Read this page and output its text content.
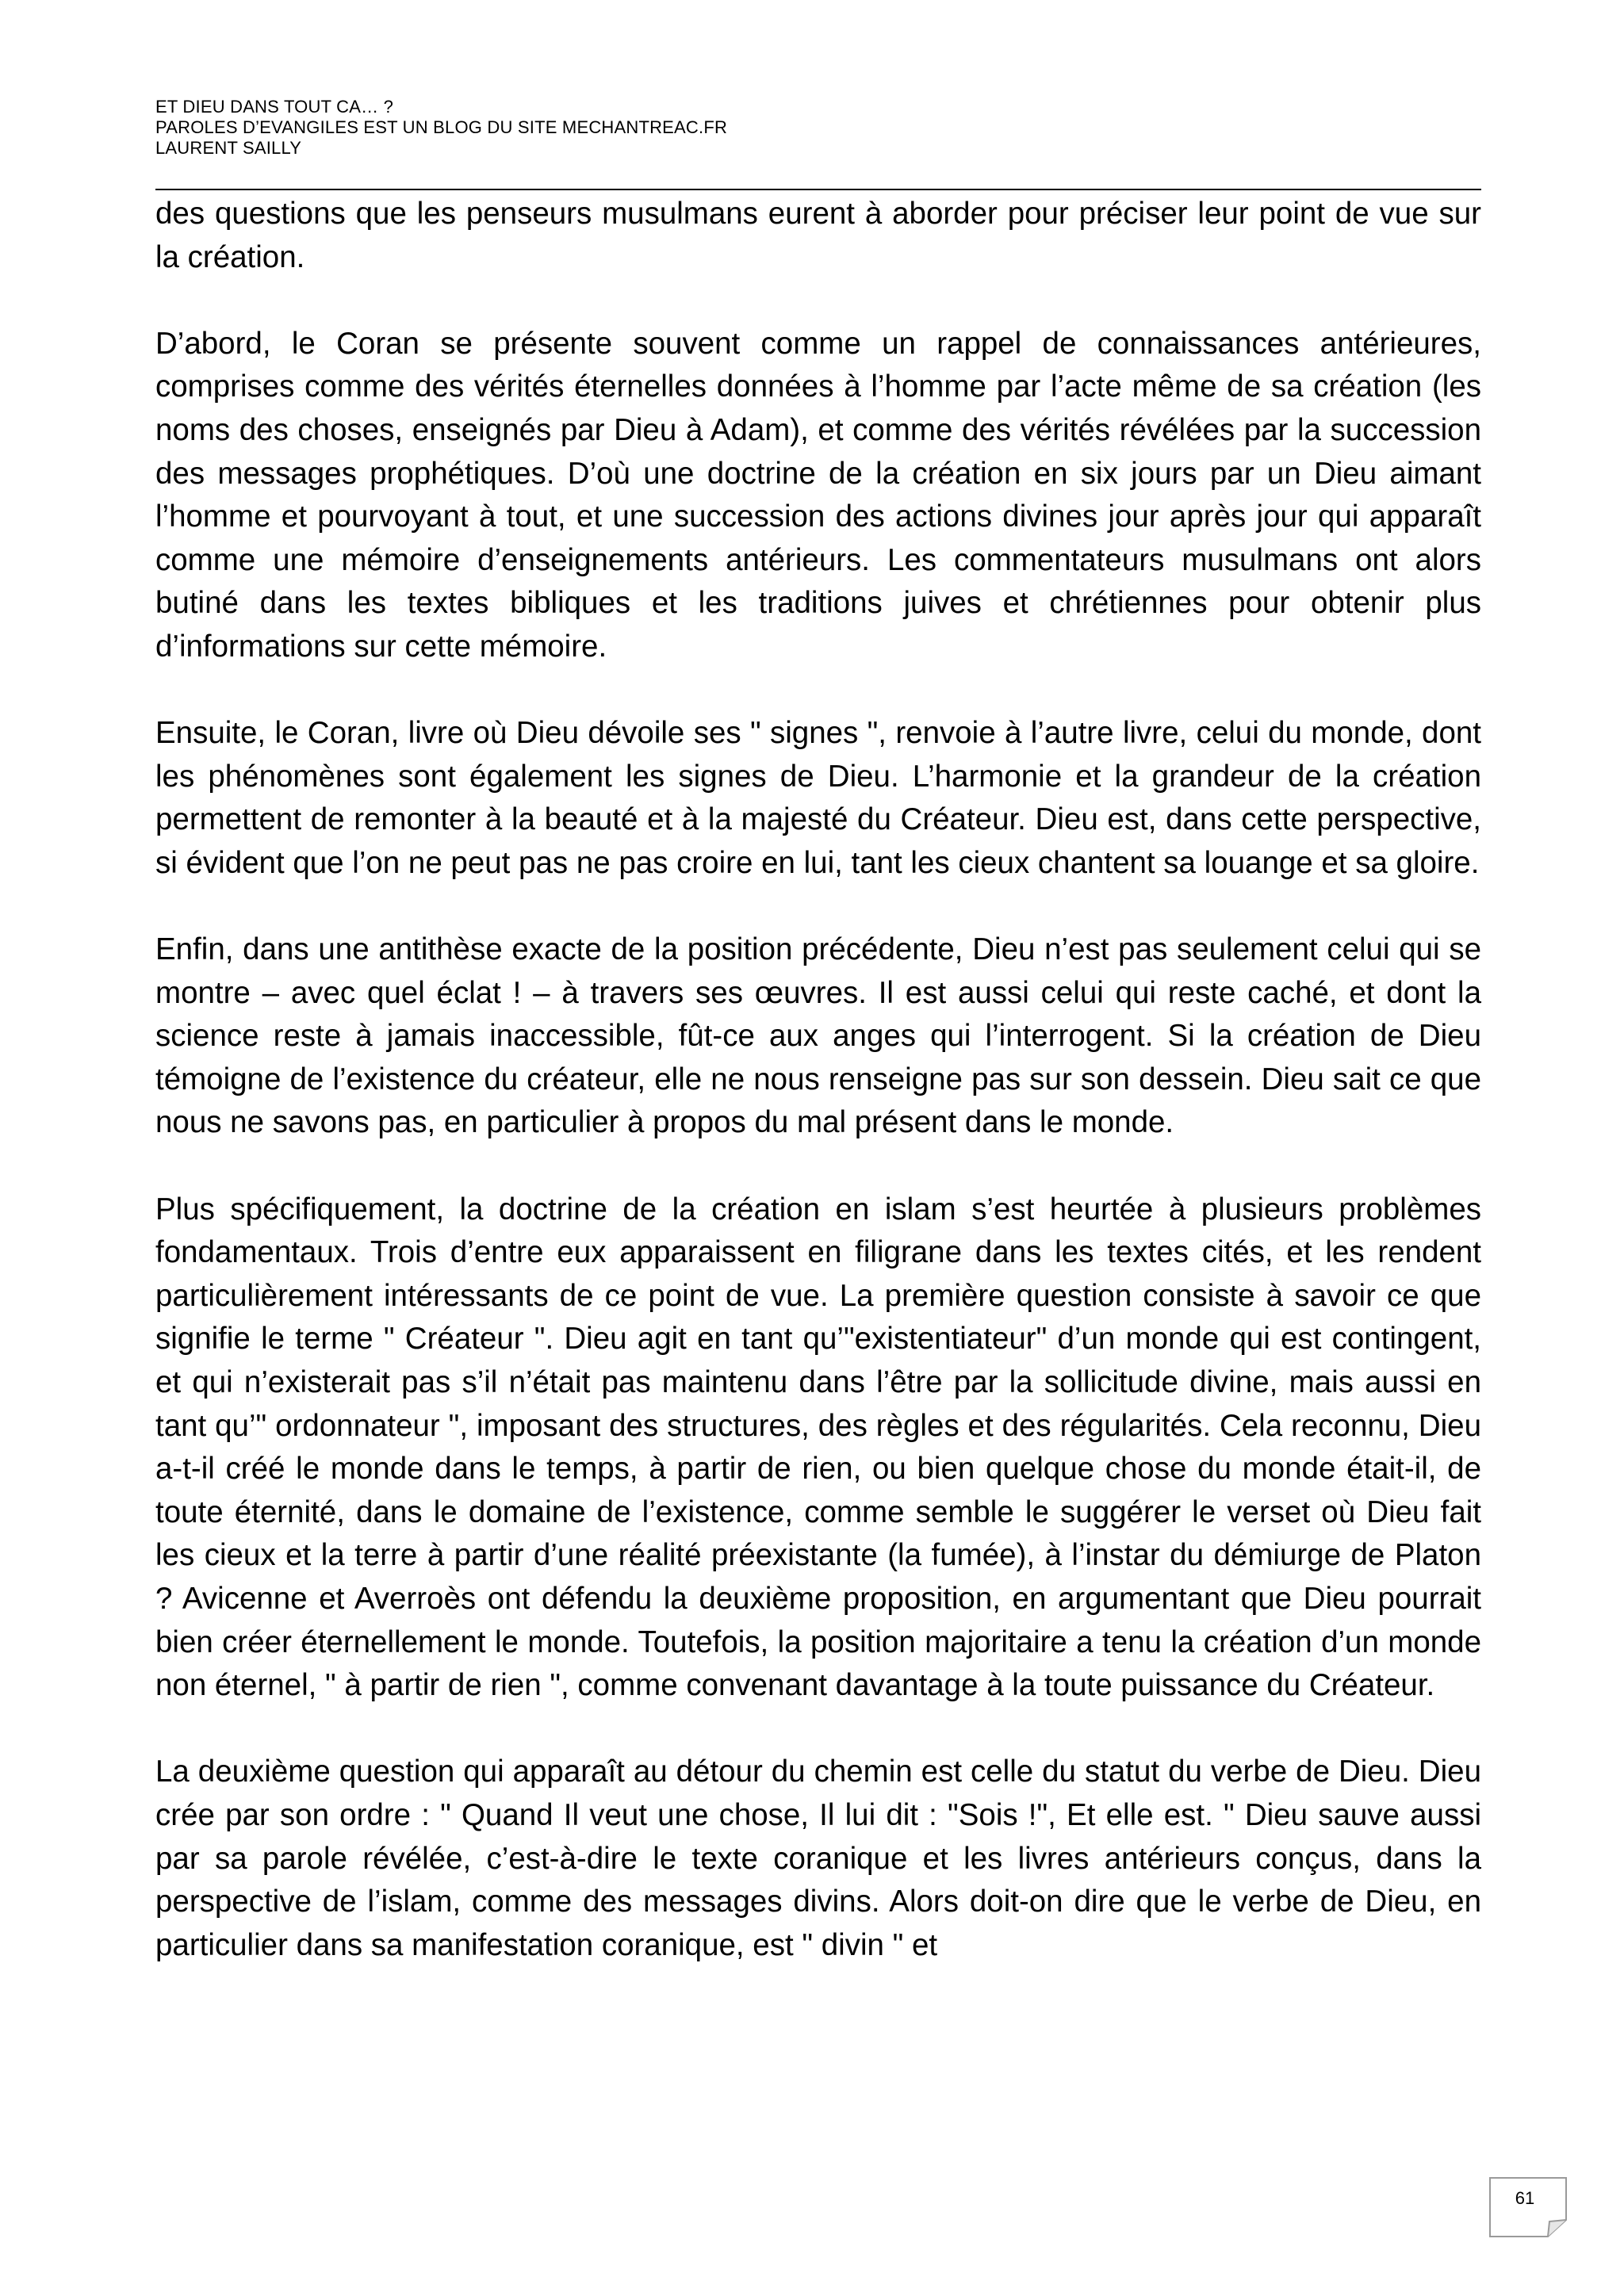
ET DIEU DANS TOUT CA… ?
PAROLES D’EVANGILES EST UN BLOG DU SITE MECHANTREAC.FR
LAURENT SAILLY

des questions que les penseurs musulmans eurent à aborder pour préciser leur point de vue sur la création.

D’abord, le Coran se présente souvent comme un rappel de connaissances antérieures, comprises comme des vérités éternelles données à l’homme par l’acte même de sa création (les noms des choses, enseignés par Dieu à Adam), et comme des vérités révélées par la succession des messages prophétiques. D’où une doctrine de la création en six jours par un Dieu aimant l’homme et pourvoyant à tout, et une succession des actions divines jour après jour qui apparaît comme une mémoire d’enseignements antérieurs. Les commentateurs musulmans ont alors butiné dans les textes bibliques et les traditions juives et chrétiennes pour obtenir plus d’informations sur cette mémoire.

Ensuite, le Coran, livre où Dieu dévoile ses " signes ", renvoie à l’autre livre, celui du monde, dont les phénomènes sont également les signes de Dieu. L’harmonie et la grandeur de la création permettent de remonter à la beauté et à la majesté du Créateur. Dieu est, dans cette perspective, si évident que l’on ne peut pas ne pas croire en lui, tant les cieux chantent sa louange et sa gloire.

Enfin, dans une antithèse exacte de la position précédente, Dieu n’est pas seulement celui qui se montre – avec quel éclat ! – à travers ses œuvres. Il est aussi celui qui reste caché, et dont la science reste à jamais inaccessible, fût-ce aux anges qui l’interrogent. Si la création de Dieu témoigne de l’existence du créateur, elle ne nous renseigne pas sur son dessein. Dieu sait ce que nous ne savons pas, en particulier à propos du mal présent dans le monde.

Plus spécifiquement, la doctrine de la création en islam s’est heurtée à plusieurs problèmes fondamentaux. Trois d’entre eux apparaissent en filigrane dans les textes cités, et les rendent particulièrement intéressants de ce point de vue. La première question consiste à savoir ce que signifie le terme " Créateur ". Dieu agit en tant qu’"existentiateur" d’un monde qui est contingent, et qui n’existerait pas s’il n’était pas maintenu dans l’être par la sollicitude divine, mais aussi en tant qu’" ordonnateur ", imposant des structures, des règles et des régularités. Cela reconnu, Dieu a-t-il créé le monde dans le temps, à partir de rien, ou bien quelque chose du monde était-il, de toute éternité, dans le domaine de l’existence, comme semble le suggérer le verset où Dieu fait les cieux et la terre à partir d’une réalité préexistante (la fumée), à l’instar du démiurge de Platon ? Avicenne et Averroès ont défendu la deuxième proposition, en argumentant que Dieu pourrait bien créer éternellement le monde. Toutefois, la position majoritaire a tenu la création d’un monde non éternel, " à partir de rien ", comme convenant davantage à la toute puissance du Créateur.

La deuxième question qui apparaît au détour du chemin est celle du statut du verbe de Dieu. Dieu crée par son ordre : " Quand Il veut une chose, Il lui dit : "Sois !", Et elle est. " Dieu sauve aussi par sa parole révélée, c’est-à-dire le texte coranique et les livres antérieurs conçus, dans la perspective de l’islam, comme des messages divins. Alors doit-on dire que le verbe de Dieu, en particulier dans sa manifestation coranique, est " divin " et

61
